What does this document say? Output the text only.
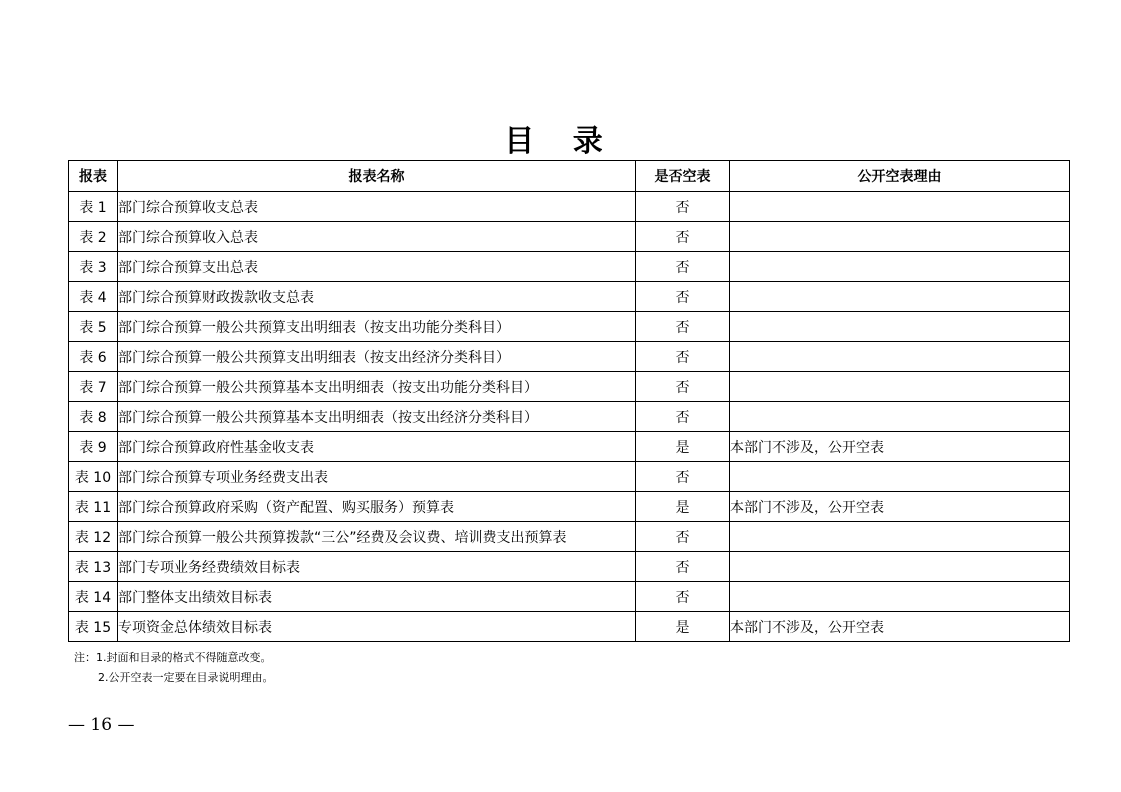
目 录
报表	报表名称	是否空表	公开空表理由
表 1	部门综合预算收支总表	否	
表 2	部门综合预算收入总表	否	
表 3	部门综合预算支出总表	否	
表 4	部门综合预算财政拨款收支总表	否	
表 5	部门综合预算一般公共预算支出明细表（按支出功能分类科目）	否	
表 6	部门综合预算一般公共预算支出明细表（按支出经济分类科目）	否	
表 7	部门综合预算一般公共预算基本支出明细表（按支出功能分类科目）	否	
表 8	部门综合预算一般公共预算基本支出明细表（按支出经济分类科目）	否	
表 9	部门综合预算政府性基金收支表	是	本部门不涉及，公开空表
表 10	部门综合预算专项业务经费支出表	否	
表 11	部门综合预算政府采购（资产配置、购买服务）预算表	是	本部门不涉及，公开空表
表 12	部门综合预算一般公共预算拨款“三公”经费及会议费、培训费支出预算表	否	
表 13	部门专项业务经费绩效目标表	否	
表 14	部门整体支出绩效目标表	否	
表 15	专项资金总体绩效目标表	是	本部门不涉及，公开空表
注：1.封面和目录的格式不得随意改变。
2.公开空表一定要在目录说明理由。
— 16 —
